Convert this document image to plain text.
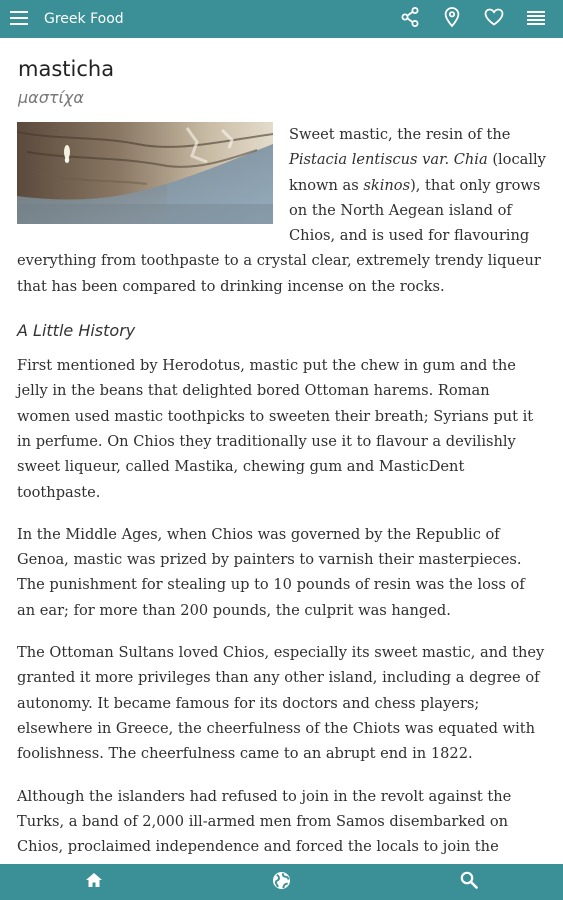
Greek Food
masticha
μαστίχα
Sweet mastic, the resin of the Pistacia lentiscus var. Chia (locally known as skinos), that only grows on the North Aegean island of Chios, and is used for flavouring everything from toothpaste to a crystal clear, extremely trendy liqueur that has been compared to drinking incense on the rocks.
A Little History

First mentioned by Herodotus, mastic put the chew in gum and the jelly in the beans that delighted bored Ottoman harems. Roman women used mastic toothpicks to sweeten their breath; Syrians put it in perfume. On Chios they traditionally use it to flavour a devilishly sweet liqueur, called Mastika, chewing gum and MasticDent toothpaste.

In the Middle Ages, when Chios was governed by the Republic of Genoa, mastic was prized by painters to varnish their masterpieces. The punishment for stealing up to 10 pounds of resin was the loss of an ear; for more than 200 pounds, the culprit was hanged.

The Ottoman Sultans loved Chios, especially its sweet mastic, and they granted it more privileges than any other island, including a degree of autonomy. It became famous for its doctors and chess players; elsewhere in Greece, the cheerfulness of the Chiots was equated with foolishness. The cheerfulness came to an abrupt end in 1822.

Although the islanders had refused to join in the revolt against the Turks, a band of 2,000 ill-armed men from Samos disembarked on Chios, proclaimed independence and forced the locals to join the
